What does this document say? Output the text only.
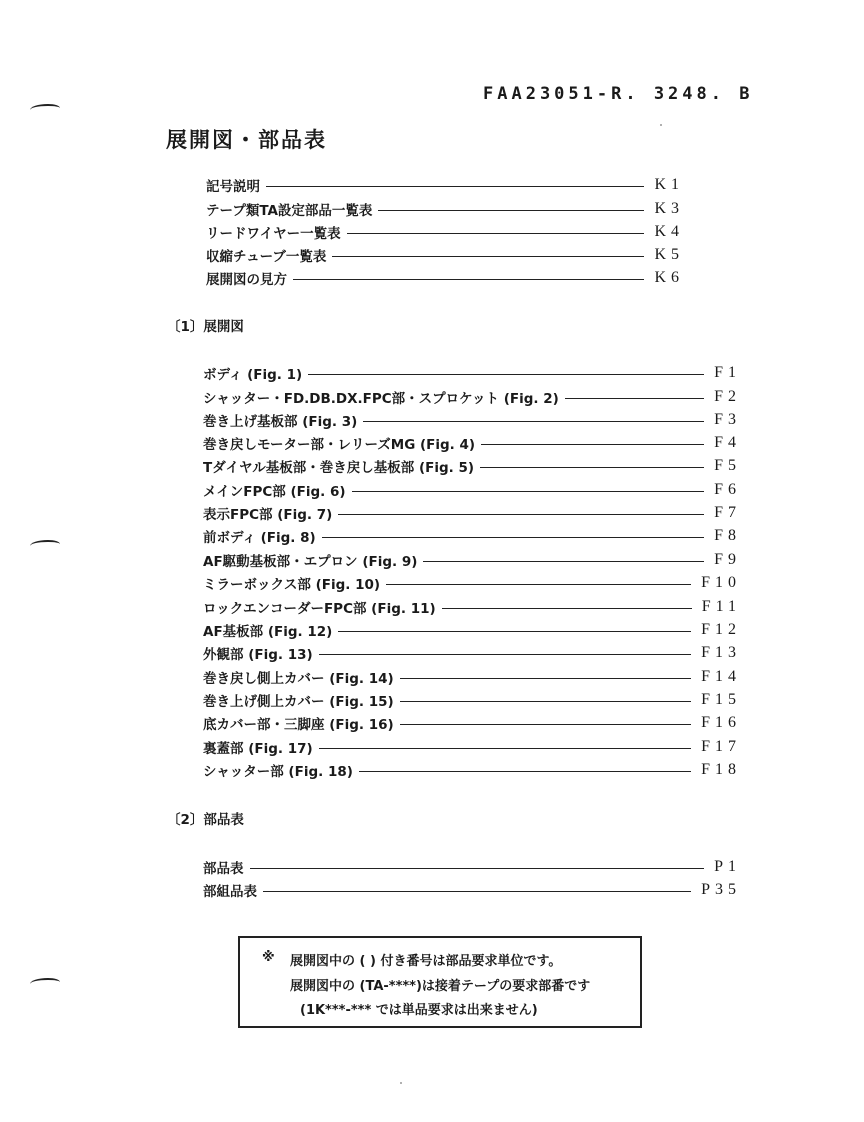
FAA23051-R. 3248. B
展開図・部品表
記号説明	K1
テープ類TA設定部品一覧表	K3
リードワイヤー一覧表	K4
収縮チューブ一覧表	K5
展開図の見方	K6
〔1〕展開図
ボディ (Fig. 1)	F1
シャッター・FD.DB.DX.FPC部・スプロケット (Fig. 2)	F2
巻き上げ基板部 (Fig. 3)	F3
巻き戻しモーター部・レリーズMG (Fig. 4)	F4
Tダイヤル基板部・巻き戻し基板部 (Fig. 5)	F5
メインFPC部 (Fig. 6)	F6
表示FPC部 (Fig. 7)	F7
前ボディ (Fig. 8)	F8
AF駆動基板部・エプロン (Fig. 9)	F9
ミラーボックス部 (Fig. 10)	F10
ロックエンコーダーFPC部 (Fig. 11)	F11
AF基板部 (Fig. 12)	F12
外観部 (Fig. 13)	F13
巻き戻し側上カバー (Fig. 14)	F14
巻き上げ側上カバー (Fig. 15)	F15
底カバー部・三脚座 (Fig. 16)	F16
裏蓋部 (Fig. 17)	F17
シャッター部 (Fig. 18)	F18
〔2〕部品表
部品表	P1
部組品表	P35
※ 展開図中の ( ) 付き番号は部品要求単位です。
展開図中の (TA-****)は接着テープの要求部番です
(1K***-*** では単品要求は出来ません)
